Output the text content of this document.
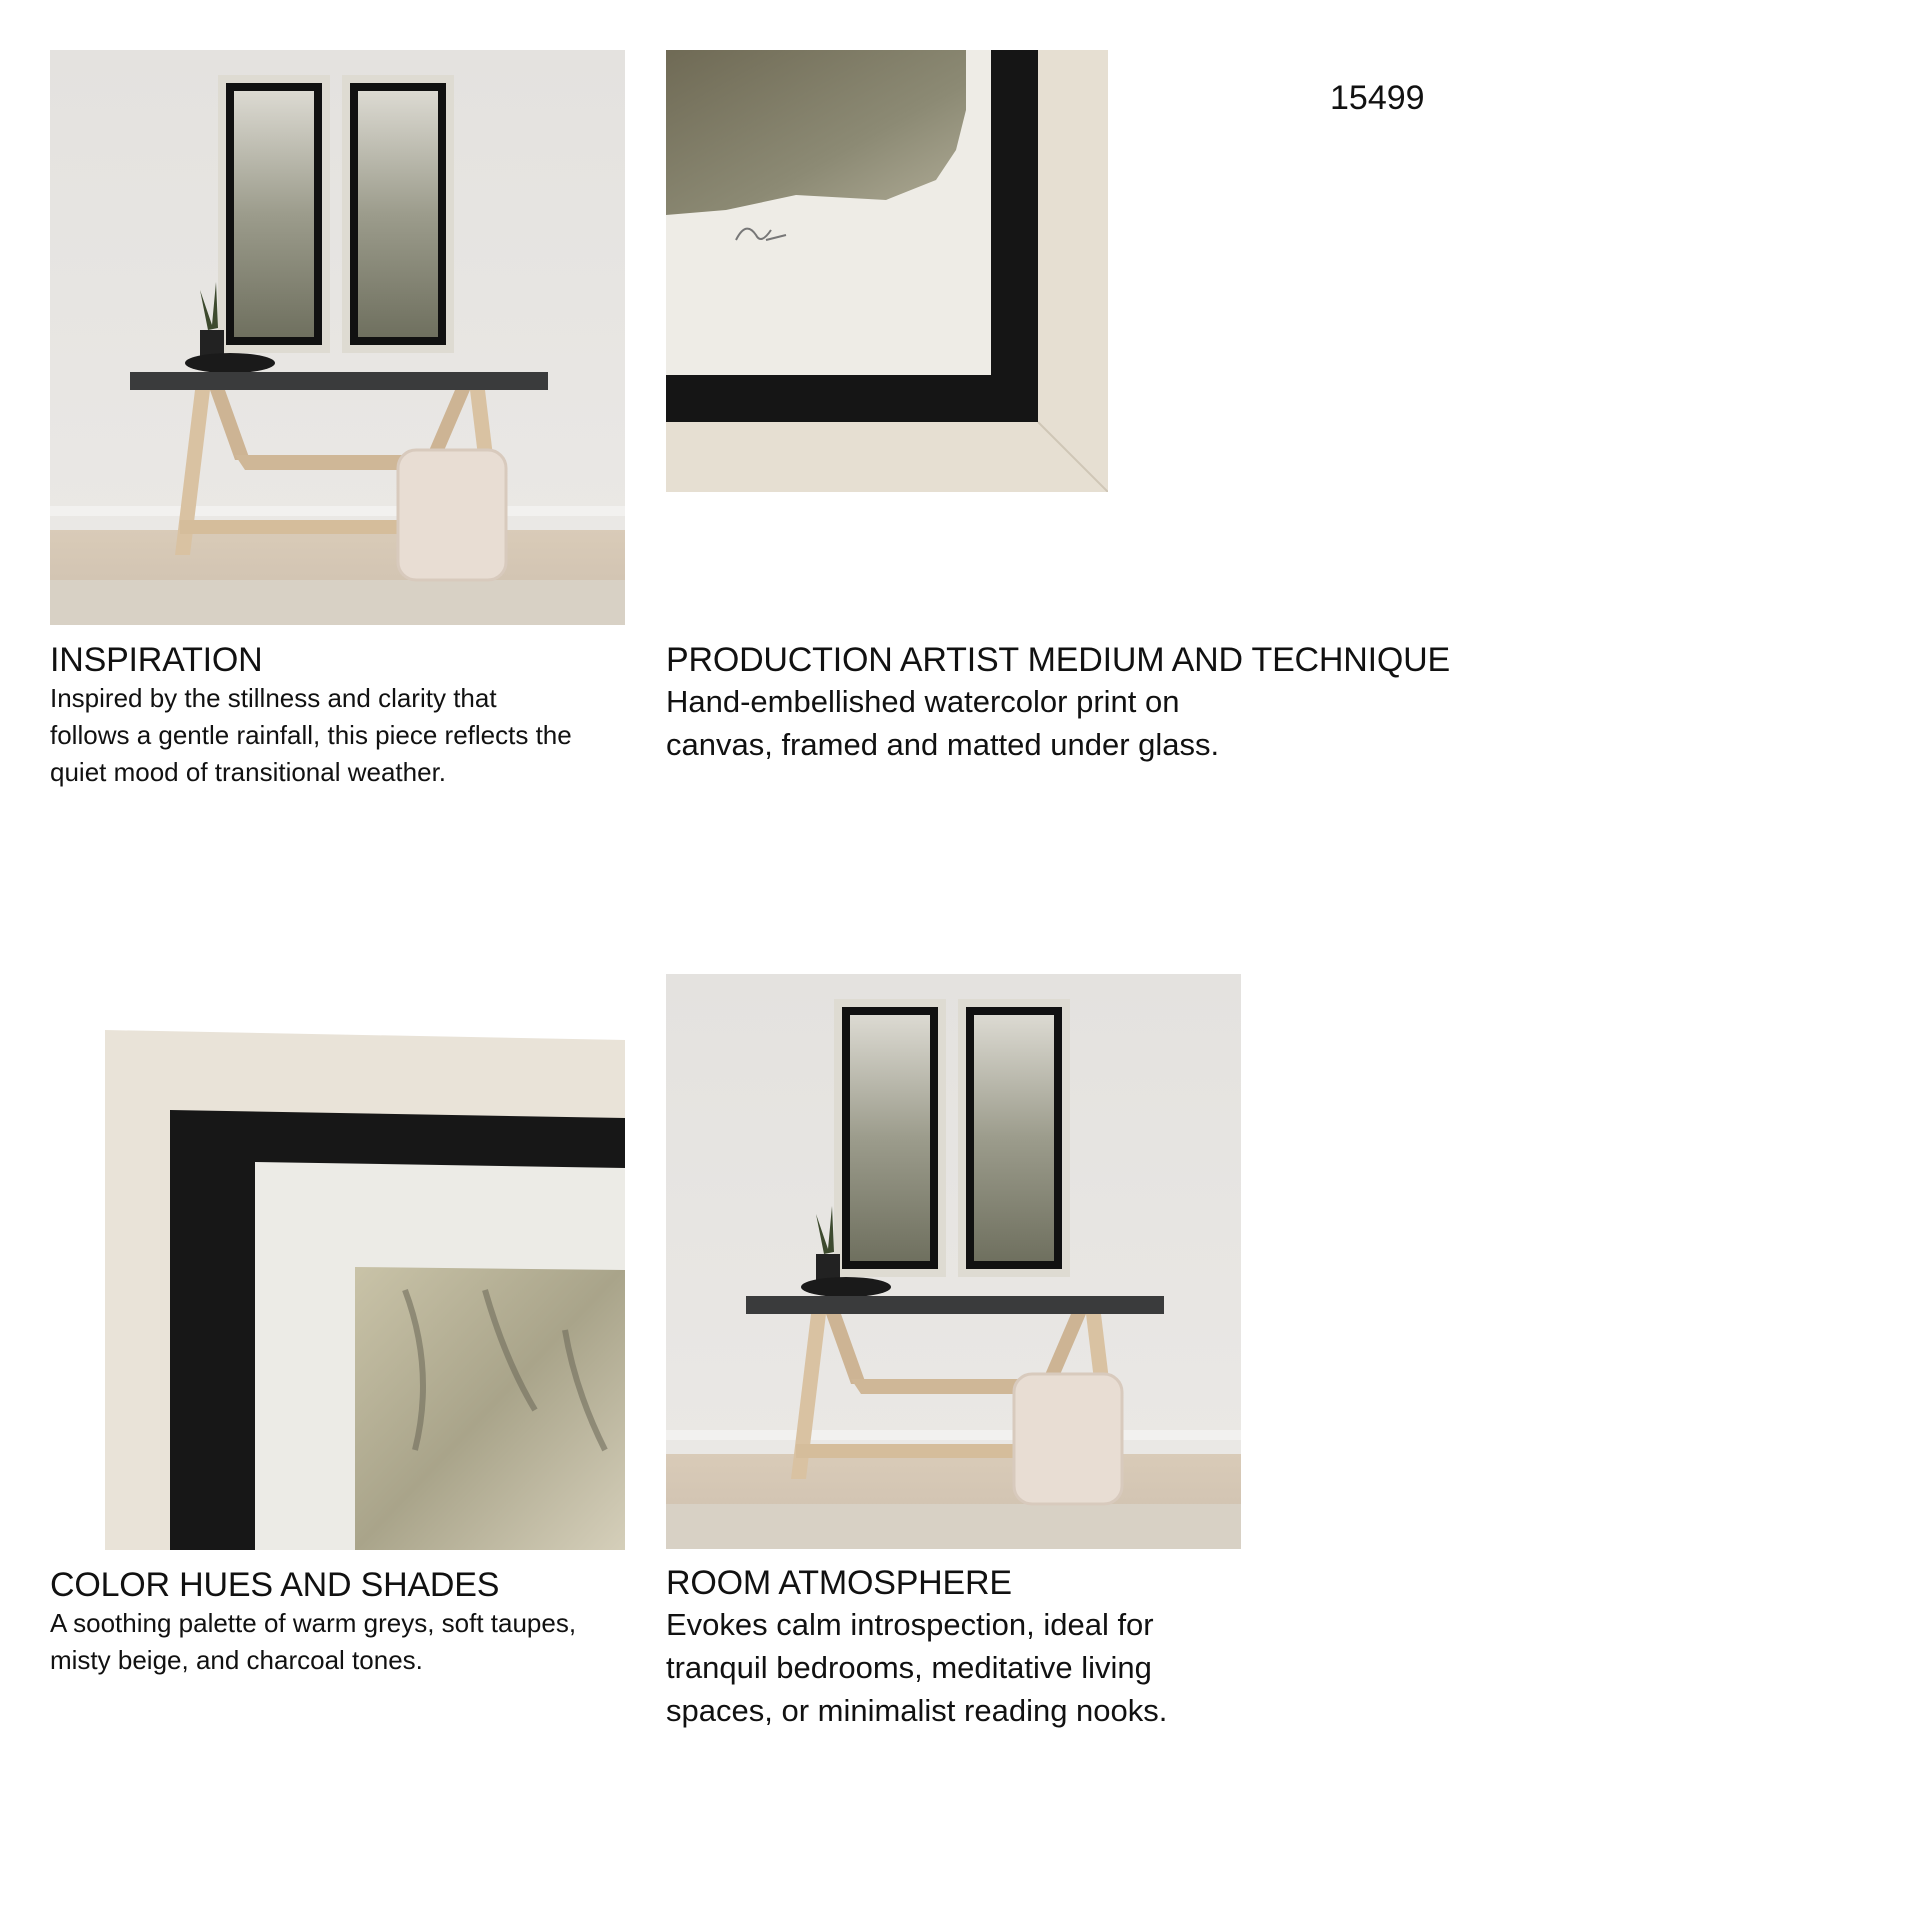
15499

INSPIRATION

Inspired by the stillness and clarity that

follows a gentle rainfall, this piece reflects the

quiet mood of transitional weather.

PRODUCTION ARTIST MEDIUM AND TECHNIQUE

Hand-embellished watercolor print on

canvas, framed and matted under glass.

COLOR HUES AND SHADES

A soothing palette of warm greys, soft taupes,

misty beige, and charcoal tones.

ROOM ATMOSPHERE

Evokes calm introspection, ideal for

tranquil bedrooms, meditative living

spaces, or minimalist reading nooks.
